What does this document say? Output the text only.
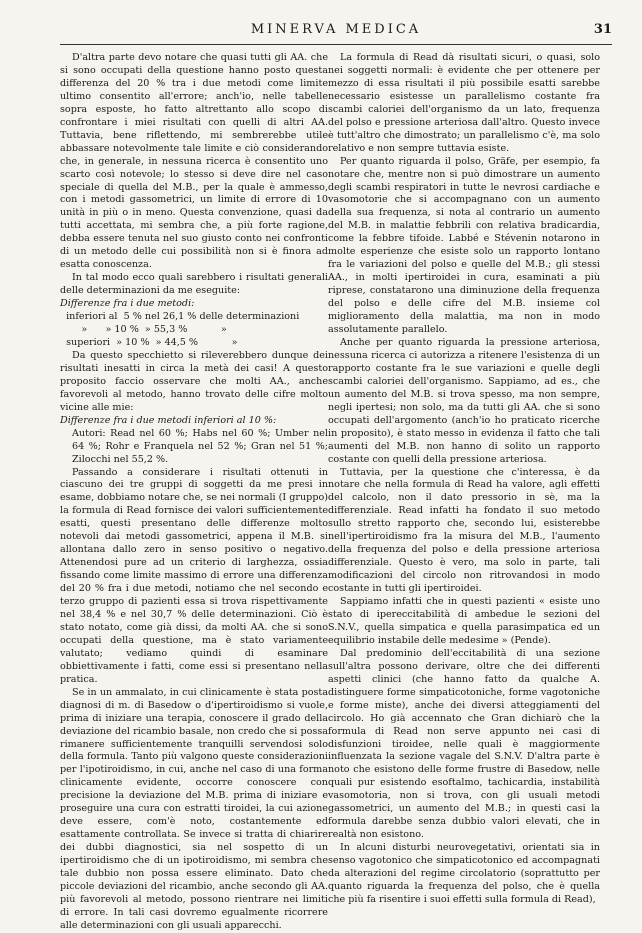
MINERVA MEDICA	31

D'altra parte devo notare che quasi tutti gli AA. che si sono occupati della questione hanno posto questa differenza del 20 % tra i due metodi come limite ultimo consentito all'errore; anch'io, nelle tabelle sopra esposte, ho fatto altrettanto allo scopo di confrontare i miei risultati con quelli di altri AA. Tuttavia, bene riflettendo, mi sembrerebbe utile abbassare notevolmente tale limite e ciò considerando che, in generale, in nessuna ricerca è consentito uno scarto così notevole; lo stesso si deve dire nel caso speciale di quella del M.B., per la quale è ammesso, con i metodi gassometrici, un limite di errore di 10 unità in più o in meno. Questa convenzione, quasi da tutti accettata, mi sembra che, a più forte ragione, debba essere tenuta nel suo giusto conto nei confronti di un metodo delle cui possibilità non si è finora ad esatta conoscenza.

In tal modo ecco quali sarebbero i risultati generali delle determinazioni da me eseguite:

Differenze fra i due metodi:

inferiori al  5 % nel 26,1 % delle determinazioni

»      » 10 %  » 55,3 %           »

superiori  » 10 %  » 44,5 %           »

Da questo specchietto si rileverebbero dunque dei risultati inesatti in circa la metà dei casi! A questo proposito faccio osservare che molti AA., anche favorevoli al metodo, hanno trovato delle cifre molto vicine alle mie:

Differenze fra i due metodi inferiori al 10 %:

Autori: Read nel 60 %; Habs nel 60 %; Umber nel 64 %; Rohr e Franquela nel 52 %; Gran nel 51 %; Zilocchi nel 55,2 %.

Passando a considerare i risultati ottenuti in ciascuno dei tre gruppi di soggetti da me presi in esame, dobbiamo notare che, se nei normali (I gruppo) la formula di Read fornisce dei valori sufficientemente esatti, questi presentano delle differenze molto notevoli dai metodi gassometrici, appena il M.B. si allontana dallo zero in senso positivo o negativo. Attenendosi pure ad un criterio di larghezza, ossia fissando come limite massimo di errore una differenza del 20 % fra i due metodi, notiamo che nel secondo e terzo gruppo di pazienti essa si trova rispettivamente nel 38,4 % e nel 30,7 % delle determinazioni. Ciò è stato notato, come già dissi, da molti AA. che si sono occupati della questione, ma è stato variamente valutato; vediamo quindi di esaminare obbiettivamente i fatti, come essi si presentano nella pratica.

Se in un ammalato, in cui clinicamente è stata posta diagnosi di m. di Basedow o d'ipertiroidismo si vuole, prima di iniziare una terapia, conoscere il grado della deviazione del ricambio basale, non credo che si possa rimanere sufficientemente tranquilli servendosi solo della formula. Tanto più valgono queste considerazioni per l'ipotiroidismo, in cui, anche nel caso di una forma clinicamente evidente, occorre conoscere con precisione la deviazione del M.B. prima di iniziare e proseguire una cura con estratti tiroidei, la cui azione deve essere, com'è noto, costantemente ed esattamente controllata. Se invece si tratta di chiarire dei dubbi diagnostici, sia nel sospetto di un ipertiroidismo che di un ipotiroidismo, mi sembra che tale dubbio non possa essere eliminato. Dato che piccole deviazioni del ricambio, anche secondo gli AA. più favorevoli al metodo, possono rientrare nei limiti di errore. In tali casi dovremo egualmente ricorrere alle determinazioni con gli usuali apparecchi.

La formula di Read dà risultati sicuri, o quasi, solo nei soggetti normali: è evidente che per ottenere per mezzo di essa risultati il più possibile esatti sarebbe necessario esistesse un parallelismo costante fra scambi caloriei dell'organismo da un lato, frequenza del polso e pressione arteriosa dall'altro. Questo invece è tutt'altro che dimostrato; un parallelismo c'è, ma solo relativo e non sempre tuttavia esiste.

Per quanto riguarda il polso, Gräfe, per esempio, fa notare che, mentre non si può dimostrare un aumento degli scambi respiratori in tutte le nevrosi cardiache e vasomotorie che si accompagnano con un aumento della sua frequenza, si nota al contrario un aumento del M.B. in malattie febbrili con relativa bradicardia, come la febbre tifoide. Labbé e Stévenin notarono in molte esperienze che esiste solo un rapporto lontano fra le variazioni del polso e quelle del M.B.; gli stessi AA., in molti ipertiroidei in cura, esaminati a più riprese, constatarono una diminuzione della frequenza del polso e delle cifre del M.B. insieme col miglioramento della malattia, ma non in modo assolutamente parallelo.

Anche per quanto riguarda la pressione arteriosa, nessuna ricerca ci autorizza a ritenere l'esistenza di un rapporto costante fra le sue variazioni e quelle degli scambi caloriei dell'organismo. Sappiamo, ad es., che un aumento del M.B. si trova spesso, ma non sempre, negli ipertesi; non solo, ma da tutti gli AA. che si sono occupati dell'argomento (anch'io ho praticato ricerche in proposito), è stato messo in evidenza il fatto che tali aumenti del M.B. non hanno di solito un rapporto costante con quelli della pressione arteriosa.

Tuttavia, per la questione che c'interessa, è da notare che nella formula di Read ha valore, agli effetti del calcolo, non il dato pressorio in sè, ma la differenziale. Read infatti ha fondato il suo metodo sullo stretto rapporto che, secondo lui, esisterebbe nell'ipertiroidismo fra la misura del M.B., l'aumento della frequenza del polso e della pressione arteriosa differenziale. Questo è vero, ma solo in parte, tali modificazioni del circolo non ritrovandosi in modo costante in tutti gli ipertiroidei.

Sappiamo infatti che in questi pazienti « esiste uno stato di ipereccitabilità di ambedue le sezioni del S.N.V., quella simpatica e quella parasimpatica ed un equilibrio instabile delle medesime » (Pende).

Dal predominio dell'eccitabilità di una sezione sull'altra possono derivare, oltre che dei differenti aspetti clinici (che hanno fatto da qualche A. distinguere forme simpaticotoniche, forme vagotoniche e forme miste), anche dei diversi atteggiamenti del circolo. Ho già accennato che Gran dichiarò che la formula di Read non serve appunto nei casi di disfunzioni tiroidee, nelle quali è maggiormente influenzata la sezione vagale del S.N.V. D'altra parte è noto che esistono delle forme frustre di Basedow, nelle quali pur esistendo esoftalmo, tachicardia, instabilità vasomotoria, non si trova, con gli usuali metodi gassometrici, un aumento del M.B.; in questi casi la formula darebbe senza dubbio valori elevati, che in realtà non esistono.

In alcuni disturbi neurovegetativi, orientati sia in senso vagotonico che simpaticotonico ed accompagnati da alterazioni del regime circolatorio (soprattutto per quanto riguarda la frequenza del polso, che è quella che più fa risentire i suoi effetti sulla formula di Read),
